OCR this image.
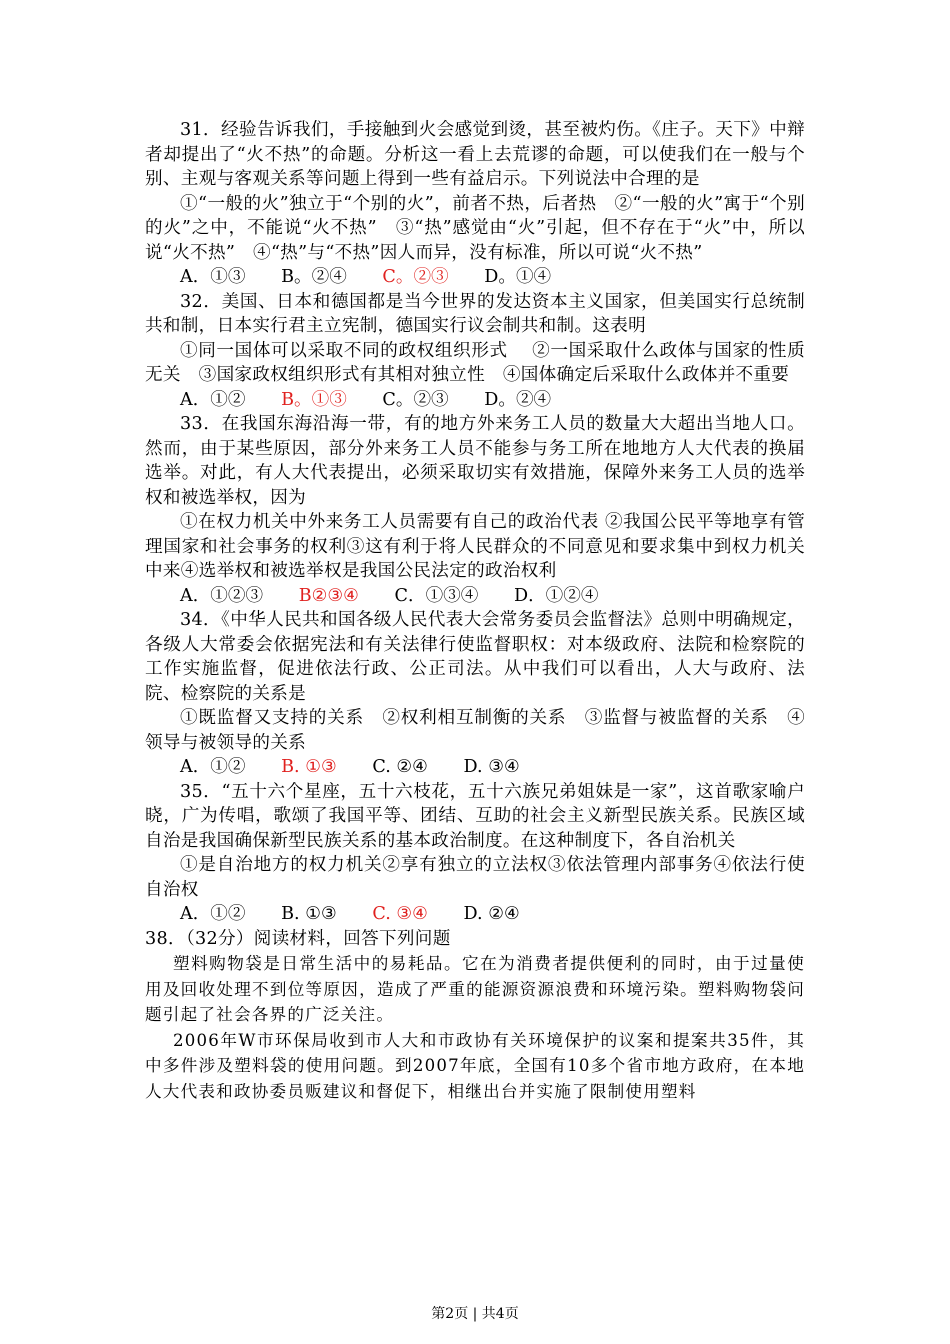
31．经验告诉我们，手接触到火会感觉到烫，甚至被灼伤。《庄子。天下》中辩者却提出了“火不热”的命题。分析这一看上去荒谬的命题，可以使我们在一般与个别、主观与客观关系等问题上得到一些有益启示。下列说法中合理的是

①“一般的火”独立于“个别的火”，前者不热，后者热　②“一般的火”寓于“个别的火”之中，不能说“火不热”　③“热”感觉由“火”引起，但不存在于“火”中，所以说“火不热”　④“热”与“不热”因人而异，没有标准，所以可说“火不热”

A．①③ B。②④ C。②③ D。①④

32．美国、日本和德国都是当今世界的发达资本主义国家，但美国实行总统制共和制，日本实行君主立宪制，德国实行议会制共和制。这表明

①同一国体可以采取不同的政权组织形式　 ②一国采取什么政体与国家的性质无关　③国家政权组织形式有其相对独立性　④国体确定后采取什么政体并不重要

A．①② B。①③ C。②③ D。②④

33．在我国东海沿海一带，有的地方外来务工人员的数量大大超出当地人口。然而，由于某些原因，部分外来务工人员不能参与务工所在地地方人大代表的换届选举。对此，有人大代表提出，必须采取切实有效措施，保障外来务工人员的选举权和被选举权，因为

①在权力机关中外来务工人员需要有自己的政治代表 ②我国公民平等地享有管理国家和社会事务的权利③这有利于将人民群众的不同意见和要求集中到权力机关中来④选举权和被选举权是我国公民法定的政治权利

A．①②③ B②③④ C．①③④ D．①②④

34．《中华人民共和国各级人民代表大会常务委员会监督法》总则中明确规定，各级人大常委会依据宪法和有关法律行使监督职权：对本级政府、法院和检察院的工作实施监督，促进依法行政、公正司法。从中我们可以看出，人大与政府、法院、检察院的关系是

①既监督又支持的关系　②权利相互制衡的关系　③监督与被监督的关系　④领导与被领导的关系

A．①② B. ①③ C. ②④ D. ③④

35．“五十六个星座，五十六枝花，五十六族兄弟姐妹是一家”，这首歌家喻户晓，广为传唱，歌颂了我国平等、团结、互助的社会主义新型民族关系。民族区域自治是我国确保新型民族关系的基本政治制度。在这种制度下，各自治机关

①是自治地方的权力机关②享有独立的立法权③依法管理内部事务④依法行使自治权

A．①② B. ①③ C. ③④ D. ②④

38．（32分）阅读材料，回答下列问题

塑料购物袋是日常生活中的易耗品。它在为消费者提供便利的同时，由于过量使用及回收处理不到位等原因，造成了严重的能源资源浪费和环境污染。塑料购物袋问题引起了社会各界的广泛关注。

2006年W市环保局收到市人大和市政协有关环境保护的议案和提案共35件，其中多件涉及塑料袋的使用问题。到2007年底，全国有10多个省市地方政府，在本地人大代表和政协委员贩建议和督促下，相继出台并实施了限制使用塑料

第2页 | 共4页
